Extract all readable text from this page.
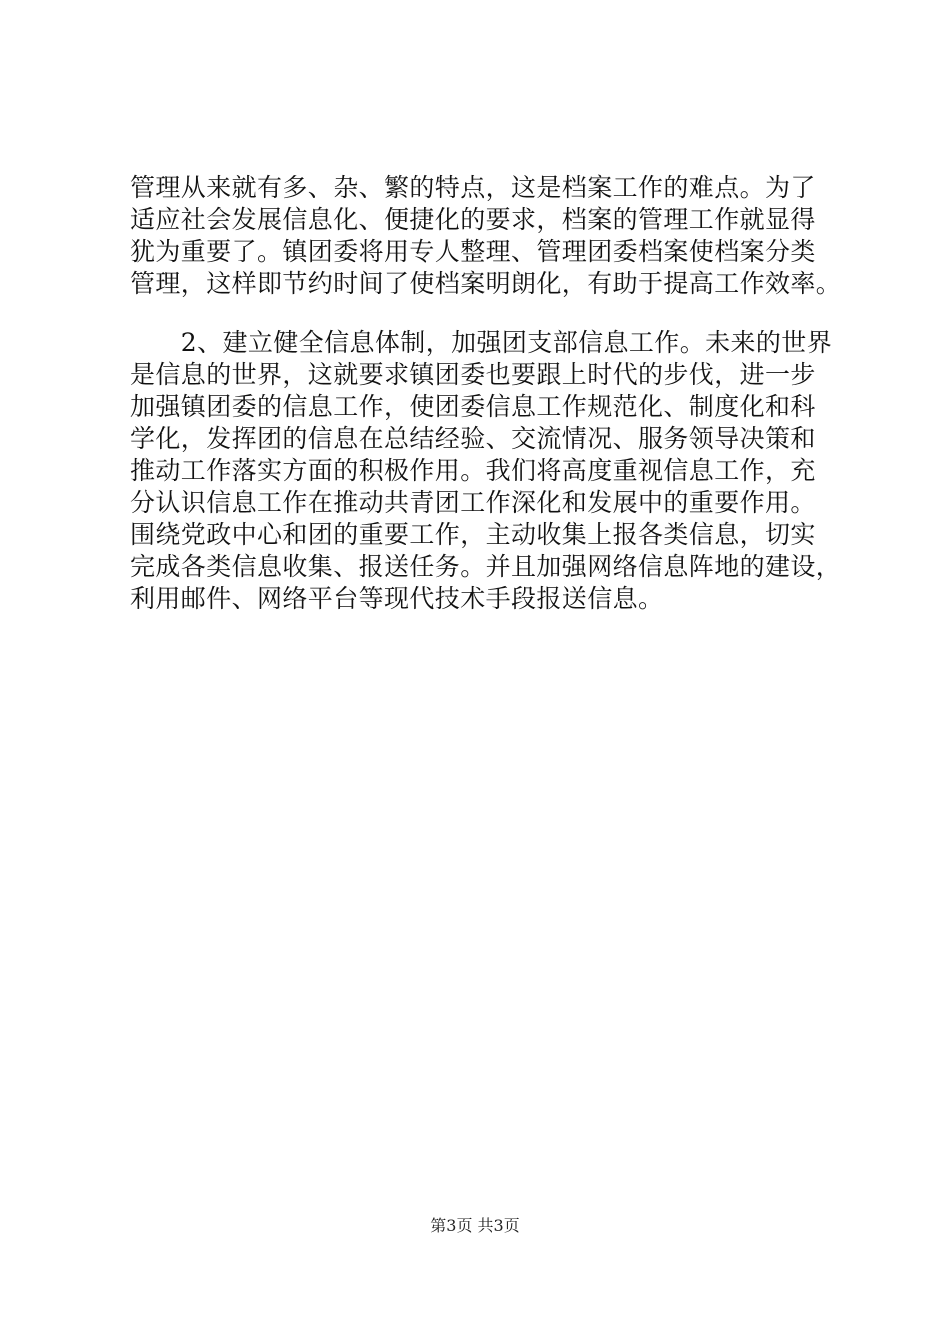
管理从来就有多、杂、繁的特点，这是档案工作的难点。为了
适应社会发展信息化、便捷化的要求，档案的管理工作就显得
犹为重要了。镇团委将用专人整理、管理团委档案使档案分类
管理，这样即节约时间了使档案明朗化，有助于提高工作效率。
　　2、建立健全信息体制，加强团支部信息工作。未来的世界
是信息的世界，这就要求镇团委也要跟上时代的步伐，进一步
加强镇团委的信息工作，使团委信息工作规范化、制度化和科
学化，发挥团的信息在总结经验、交流情况、服务领导决策和
推动工作落实方面的积极作用。我们将高度重视信息工作，充
分认识信息工作在推动共青团工作深化和发展中的重要作用。
围绕党政中心和团的重要工作，主动收集上报各类信息，切实
完成各类信息收集、报送任务。并且加强网络信息阵地的建设，
利用邮件、网络平台等现代技术手段报送信息。
第3页 共3页
